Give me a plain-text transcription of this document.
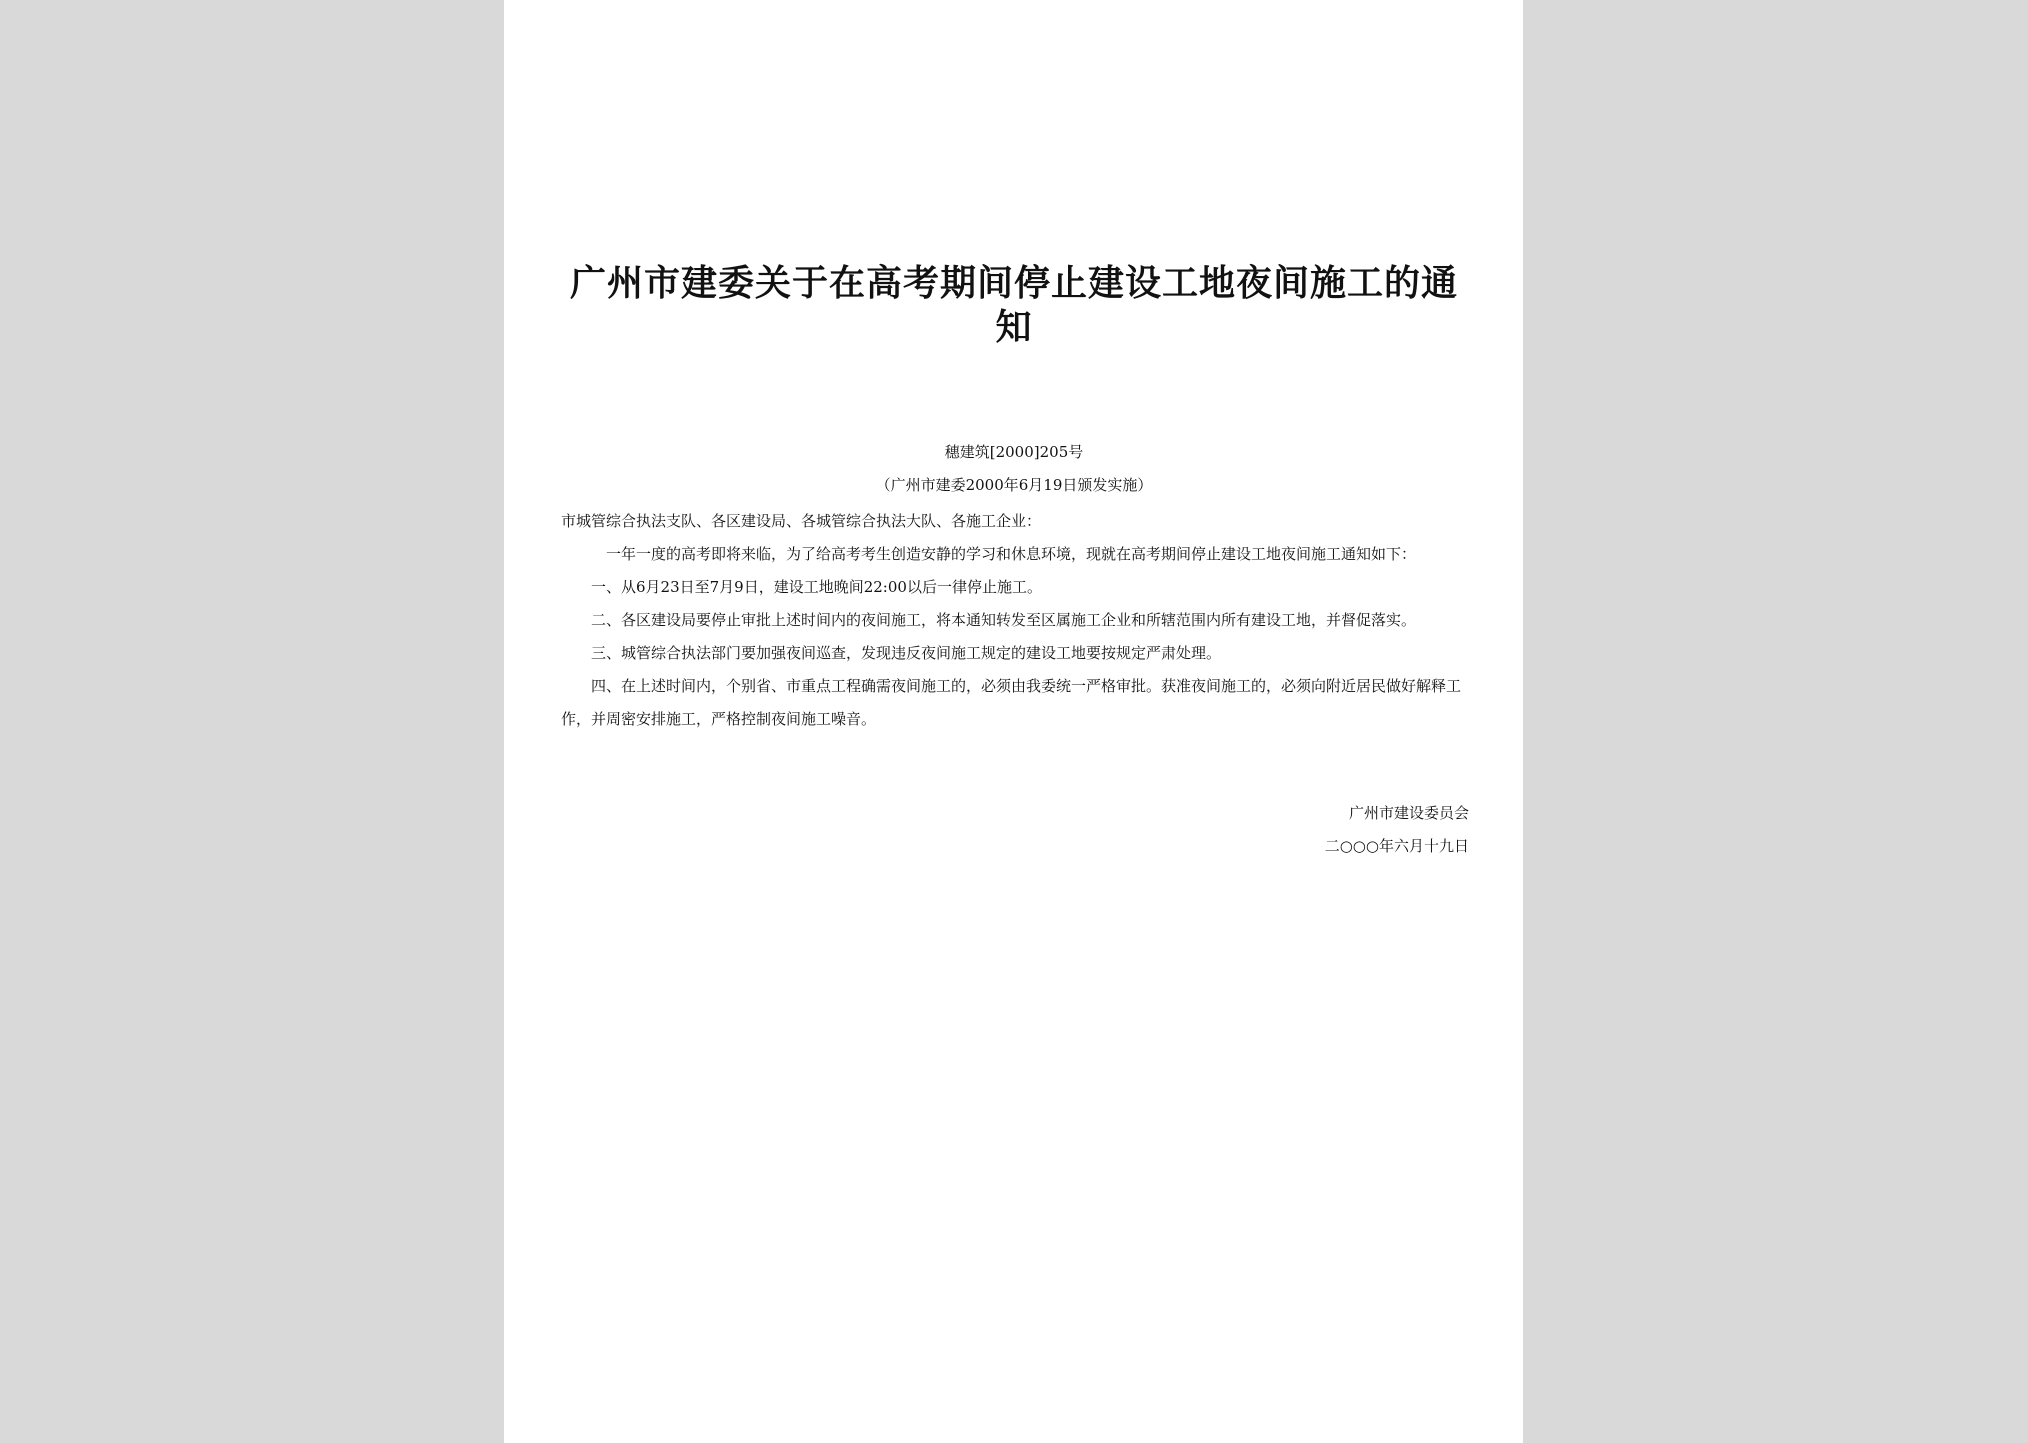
广州市建委关于在高考期间停止建设工地夜间施工的通知
穗建筑[2000]205号
（广州市建委2000年6月19日颁发实施）

市城管综合执法支队、各区建设局、各城管综合执法大队、各施工企业：

一年一度的高考即将来临，为了给高考考生创造安静的学习和休息环境，现就在高考期间停止建设工地夜间施工通知如下：

一、从6月23日至7月9日，建设工地晚间22:00以后一律停止施工。

二、各区建设局要停止审批上述时间内的夜间施工，将本通知转发至区属施工企业和所辖范围内所有建设工地，并督促落实。

三、城管综合执法部门要加强夜间巡查，发现违反夜间施工规定的建设工地要按规定严肃处理。

四、在上述时间内，个别省、市重点工程确需夜间施工的，必须由我委统一严格审批。获准夜间施工的，必须向附近居民做好解释工作，并周密安排施工，严格控制夜间施工噪音。

广州市建设委员会

二○○○年六月十九日
